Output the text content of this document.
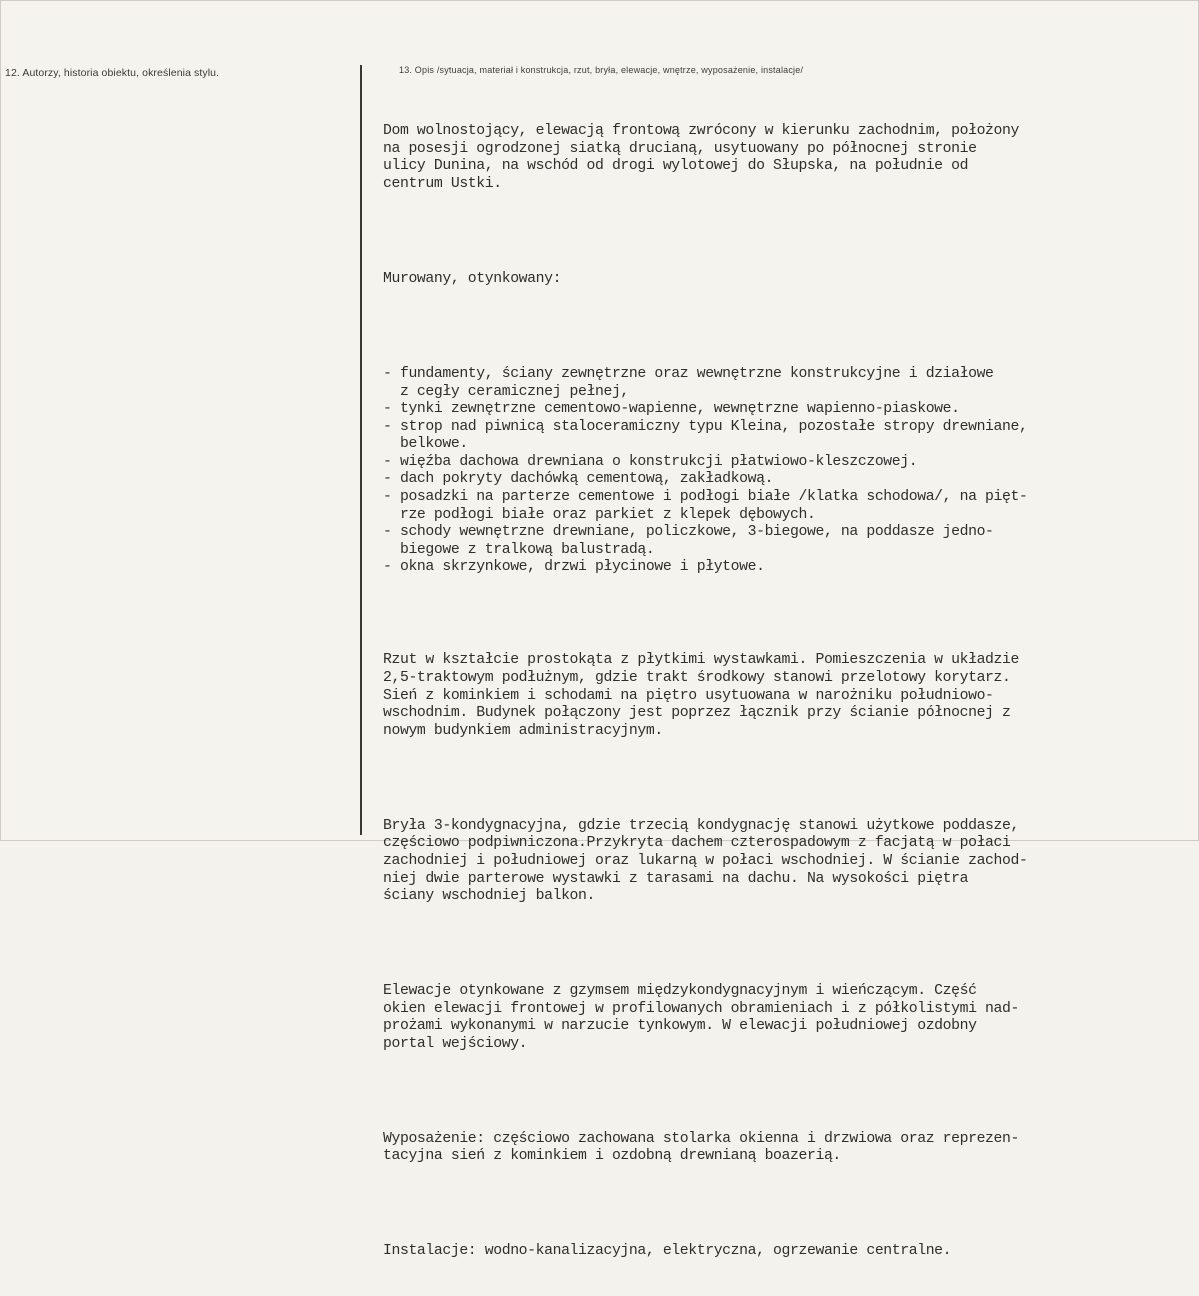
12. Autorzy, historia obiektu, określenia stylu.	13. Opis /sytuacja, materiał i konstrukcja, rzut, bryła, elewacje, wnętrze, wyposażenie, instalacje/

Dom wolnostojący, elewacją frontową zwrócony w kierunku zachodnim, położony
na posesji ogrodzonej siatką drucianą, usytuowany po północnej stronie
ulicy Dunina, na wschód od drogi wylotowej do Słupska, na południe od
centrum Ustki.

Murowany, otynkowany:

- fundamenty, ściany zewnętrzne oraz wewnętrzne konstrukcyjne i działowe
z cegły ceramicznej pełnej,
- tynki zewnętrzne cementowo-wapienne, wewnętrzne wapienno-piaskowe.
- strop nad piwnicą staloceramiczny typu Kleina, pozostałe stropy drewniane,
belkowe.
- więźba dachowa drewniana o konstrukcji płatwiowo-kleszczowej.
- dach pokryty dachówką cementową, zakładkową.
- posadzki na parterze cementowe i podłogi białe /klatka schodowa/, na pięt-
rze podłogi białe oraz parkiet z klepek dębowych.
- schody wewnętrzne drewniane, policzkowe, 3-biegowe, na poddasze jedno-
biegowe z tralkową balustradą.
- okna skrzynkowe, drzwi płycinowe i płytowe.

Rzut w kształcie prostokąta z płytkimi wystawkami. Pomieszczenia w układzie
2,5-traktowym podłużnym, gdzie trakt środkowy stanowi przelotowy korytarz.
Sień z kominkiem i schodami na piętro usytuowana w narożniku południowo-
wschodnim. Budynek połączony jest poprzez łącznik przy ścianie północnej z
nowym budynkiem administracyjnym.

Bryła 3-kondygnacyjna, gdzie trzecią kondygnację stanowi użytkowe poddasze,
częściowo podpiwniczona.Przykryta dachem czterospadowym z facjatą w połaci
zachodniej i południowej oraz lukarną w połaci wschodniej. W ścianie zachod-
niej dwie parterowe wystawki z tarasami na dachu. Na wysokości piętra
ściany wschodniej balkon.

Elewacje otynkowane z gzymsem międzykondygnacyjnym i wieńczącym. Część
okien elewacji frontowej w profilowanych obramieniach i z półkolistymi nad-
prożami wykonanymi w narzucie tynkowym. W elewacji południowej ozdobny
portal wejściowy.

Wyposażenie: częściowo zachowana stolarka okienna i drzwiowa oraz reprezen-
tacyjna sień z kominkiem i ozdobną drewnianą boazerią.

Instalacje: wodno-kanalizacyjna, elektryczna, ogrzewanie centralne.
